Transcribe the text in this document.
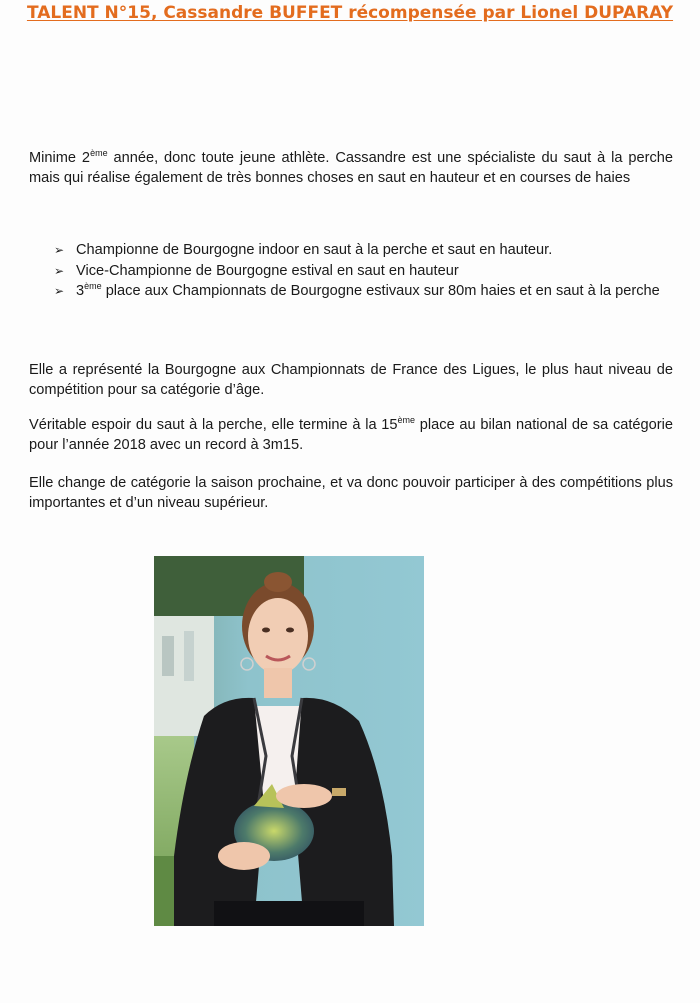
TALENT N°15, Cassandre BUFFET récompensée par Lionel DUPARAY

Minime 2ème année, donc toute jeune athlète. Cassandre est une spécialiste du saut à la perche mais qui réalise également de très bonnes choses en saut en hauteur et en courses de haies

➢ Championne de Bourgogne indoor en saut à la perche et saut en hauteur.
➢ Vice-Championne de Bourgogne estival en saut en hauteur
➢ 3ème place aux Championnats de Bourgogne estivaux sur 80m haies et en saut à la perche

Elle a représenté la Bourgogne aux Championnats de France des Ligues, le plus haut niveau de compétition pour sa catégorie d’âge.

Véritable espoir du saut à la perche, elle termine à la 15ème place au bilan national de sa catégorie pour l’année 2018 avec un record à 3m15.

Elle change de catégorie la saison prochaine, et va donc pouvoir participer à des compétitions plus importantes et d’un niveau supérieur.
